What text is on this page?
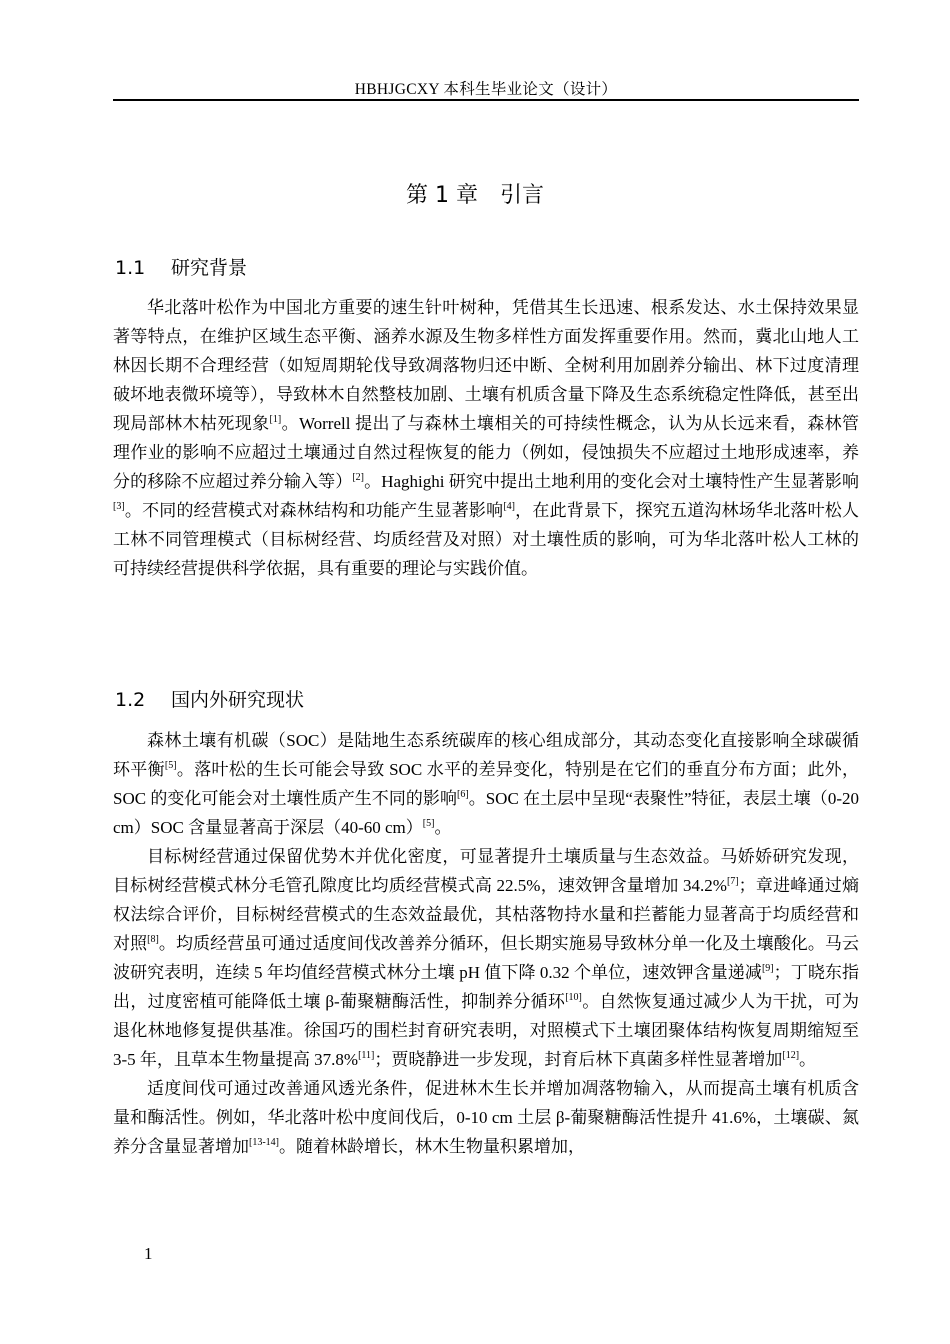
HBHJGCXY 本科生毕业论文（设计）
第 1 章 引言
1.1 研究背景

华北落叶松作为中国北方重要的速生针叶树种，凭借其生长迅速、根系发达、水土保持效果显著等特点，在维护区域生态平衡、涵养水源及生物多样性方面发挥重要作用。然而，冀北山地人工林因长期不合理经营（如短周期轮伐导致凋落物归还中断、全树利用加剧养分输出、林下过度清理破坏地表微环境等），导致林木自然整枝加剧、土壤有机质含量下降及生态系统稳定性降低，甚至出现局部林木枯死现象[1]。Worrell 提出了与森林土壤相关的可持续性概念，认为从长远来看，森林管理作业的影响不应超过土壤通过自然过程恢复的能力（例如，侵蚀损失不应超过土地形成速率，养分的移除不应超过养分输入等）[2]。Haghighi 研究中提出土地利用的变化会对土壤特性产生显著影响[3]。不同的经营模式对森林结构和功能产生显著影响[4]，在此背景下，探究五道沟林场华北落叶松人工林不同管理模式（目标树经营、均质经营及对照）对土壤性质的影响，可为华北落叶松人工林的可持续经营提供科学依据，具有重要的理论与实践价值。

1.2 国内外研究现状

森林土壤有机碳（SOC）是陆地生态系统碳库的核心组成部分，其动态变化直接影响全球碳循环平衡[5]。落叶松的生长可能会导致 SOC 水平的差异变化，特别是在它们的垂直分布方面；此外，SOC 的变化可能会对土壤性质产生不同的影响[6]。SOC 在土层中呈现“表聚性”特征，表层土壤（0-20 cm）SOC 含量显著高于深层（40-60 cm）[5]。

目标树经营通过保留优势木并优化密度，可显著提升土壤质量与生态效益。马娇娇研究发现，目标树经营模式林分毛管孔隙度比均质经营模式高 22.5%，速效钾含量增加 34.2%[7]；章进峰通过熵权法综合评价，目标树经营模式的生态效益最优，其枯落物持水量和拦蓄能力显著高于均质经营和对照[8]。均质经营虽可通过适度间伐改善养分循环，但长期实施易导致林分单一化及土壤酸化。马云波研究表明，连续 5 年均值经营模式林分土壤 pH 值下降 0.32 个单位，速效钾含量递减[9]；丁晓东指出，过度密植可能降低土壤 β-葡聚糖酶活性，抑制养分循环[10]。自然恢复通过减少人为干扰，可为退化林地修复提供基准。徐国巧的围栏封育研究表明，对照模式下土壤团聚体结构恢复周期缩短至 3-5 年，且草本生物量提高 37.8%[11]；贾晓静进一步发现，封育后林下真菌多样性显著增加[12]。

适度间伐可通过改善通风透光条件，促进林木生长并增加凋落物输入，从而提高土壤有机质含量和酶活性。例如，华北落叶松中度间伐后，0-10 cm 土层 β-葡聚糖酶活性提升 41.6%，土壤碳、氮养分含量显著增加[13-14]。随着林龄增长，林木生物量积累增加，

1
